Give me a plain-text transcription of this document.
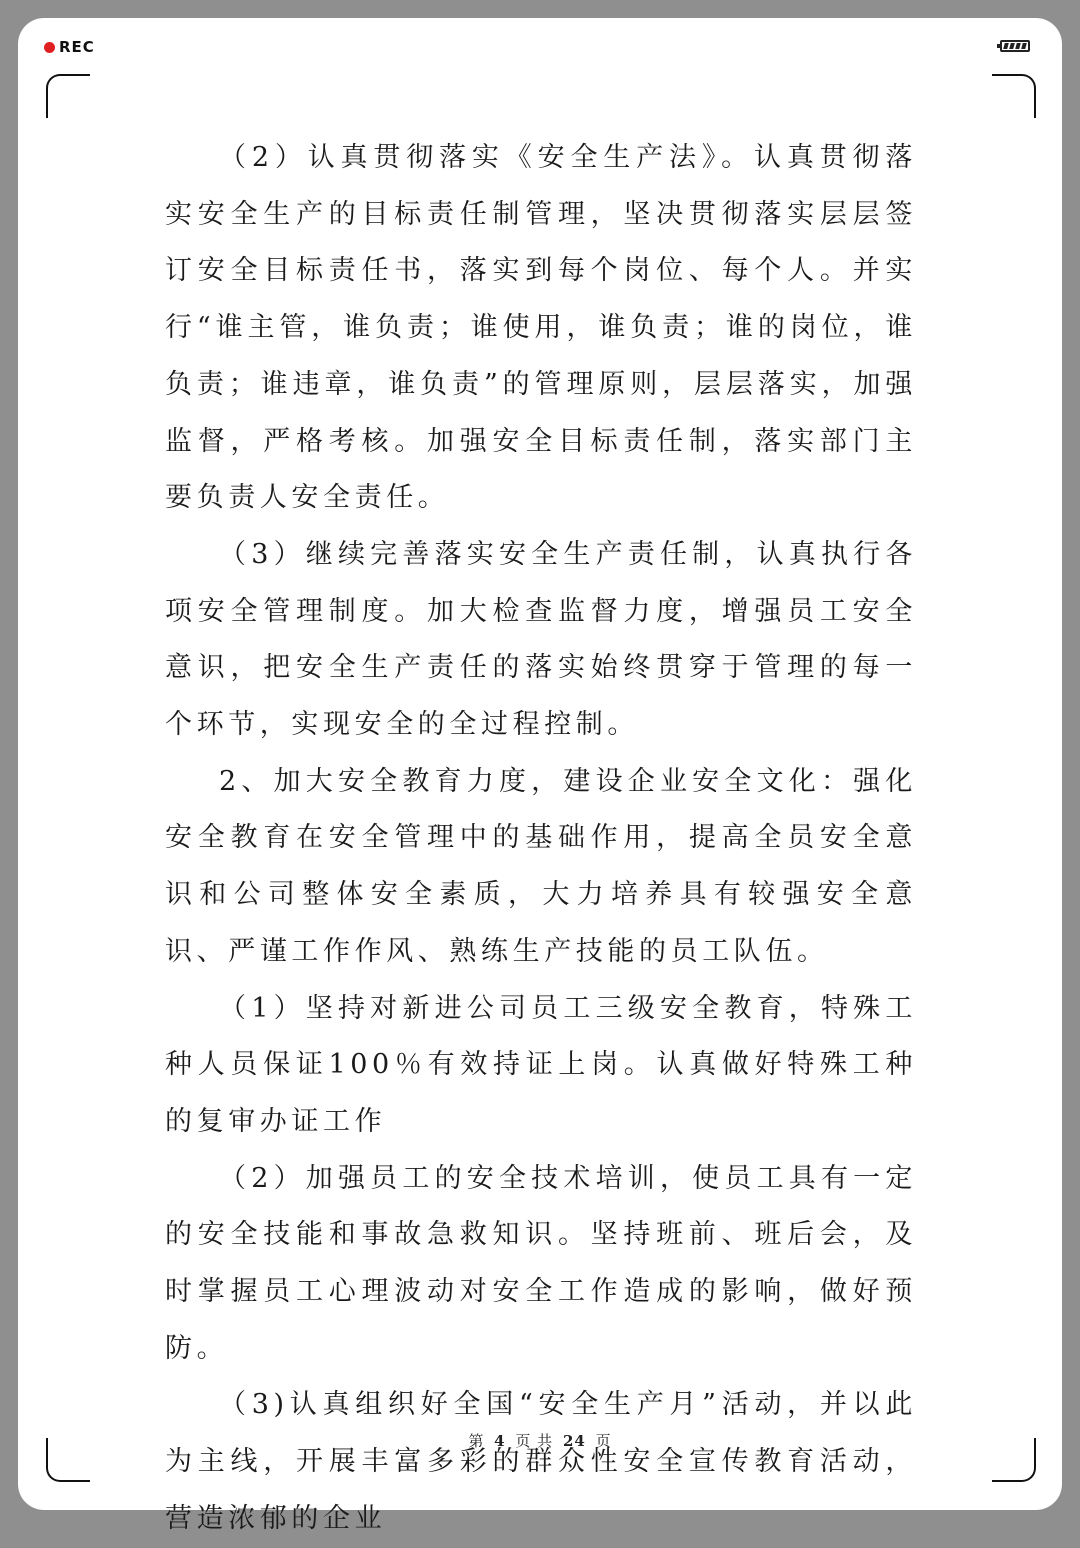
REC

（2）认真贯彻落实《安全生产法》。认真贯彻落实安全生产的目标责任制管理，坚决贯彻落实层层签订安全目标责任书，落实到每个岗位、每个人。并实行“谁主管，谁负责；谁使用，谁负责；谁的岗位，谁负责；谁违章，谁负责”的管理原则，层层落实，加强监督，严格考核。加强安全目标责任制，落实部门主要负责人安全责任。

（3）继续完善落实安全生产责任制，认真执行各项安全管理制度。加大检查监督力度，增强员工安全意识，把安全生产责任的落实始终贯穿于管理的每一个环节，实现安全的全过程控制。

2、加大安全教育力度，建设企业安全文化：强化安全教育在安全管理中的基础作用，提高全员安全意识和公司整体安全素质，大力培养具有较强安全意识、严谨工作作风、熟练生产技能的员工队伍。

（1）坚持对新进公司员工三级安全教育，特殊工种人员保证100％有效持证上岗。认真做好特殊工种的复审办证工作

（2）加强员工的安全技术培训，使员工具有一定的安全技能和事故急救知识。坚持班前、班后会，及时掌握员工心理波动对安全工作造成的影响，做好预防。

（3)认真组织好全国“安全生产月”活动，并以此为主线，开展丰富多彩的群众性安全宣传教育活动，营造浓郁的企业

第 4 页 共 24 页
